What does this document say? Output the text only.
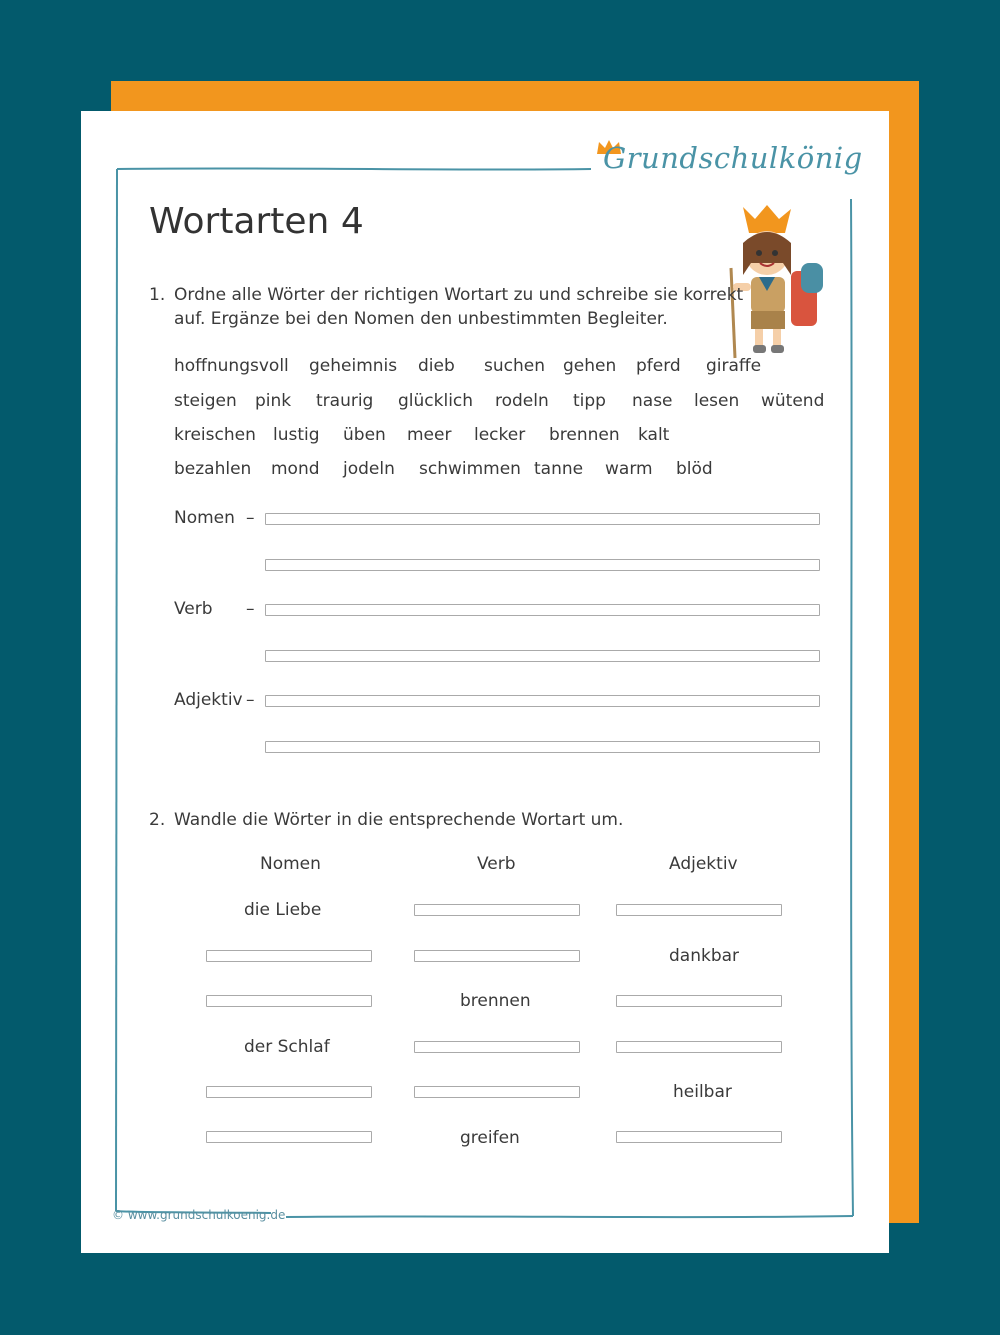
Grundschulkönig
Wortarten 4
1. Ordne alle Wörter der richtigen Wortart zu und schreibe sie korrekt
auf. Ergänze bei den Nomen den unbestimmten Begleiter.
hoffnungsvoll geheimnis dieb suchen gehen pferd giraffe
steigen pink traurig glücklich rodeln tipp nase lesen wütend
kreischen lustig üben meer lecker brennen kalt
bezahlen mond jodeln schwimmen tanne warm blöd
Nomen –
Verb –
Adjektiv –
2. Wandle die Wörter in die entsprechende Wortart um.
Nomen	Verb	Adjektiv
die Liebe
dankbar
brennen
der Schlaf
heilbar
greifen
© www.grundschulkoenig.de
